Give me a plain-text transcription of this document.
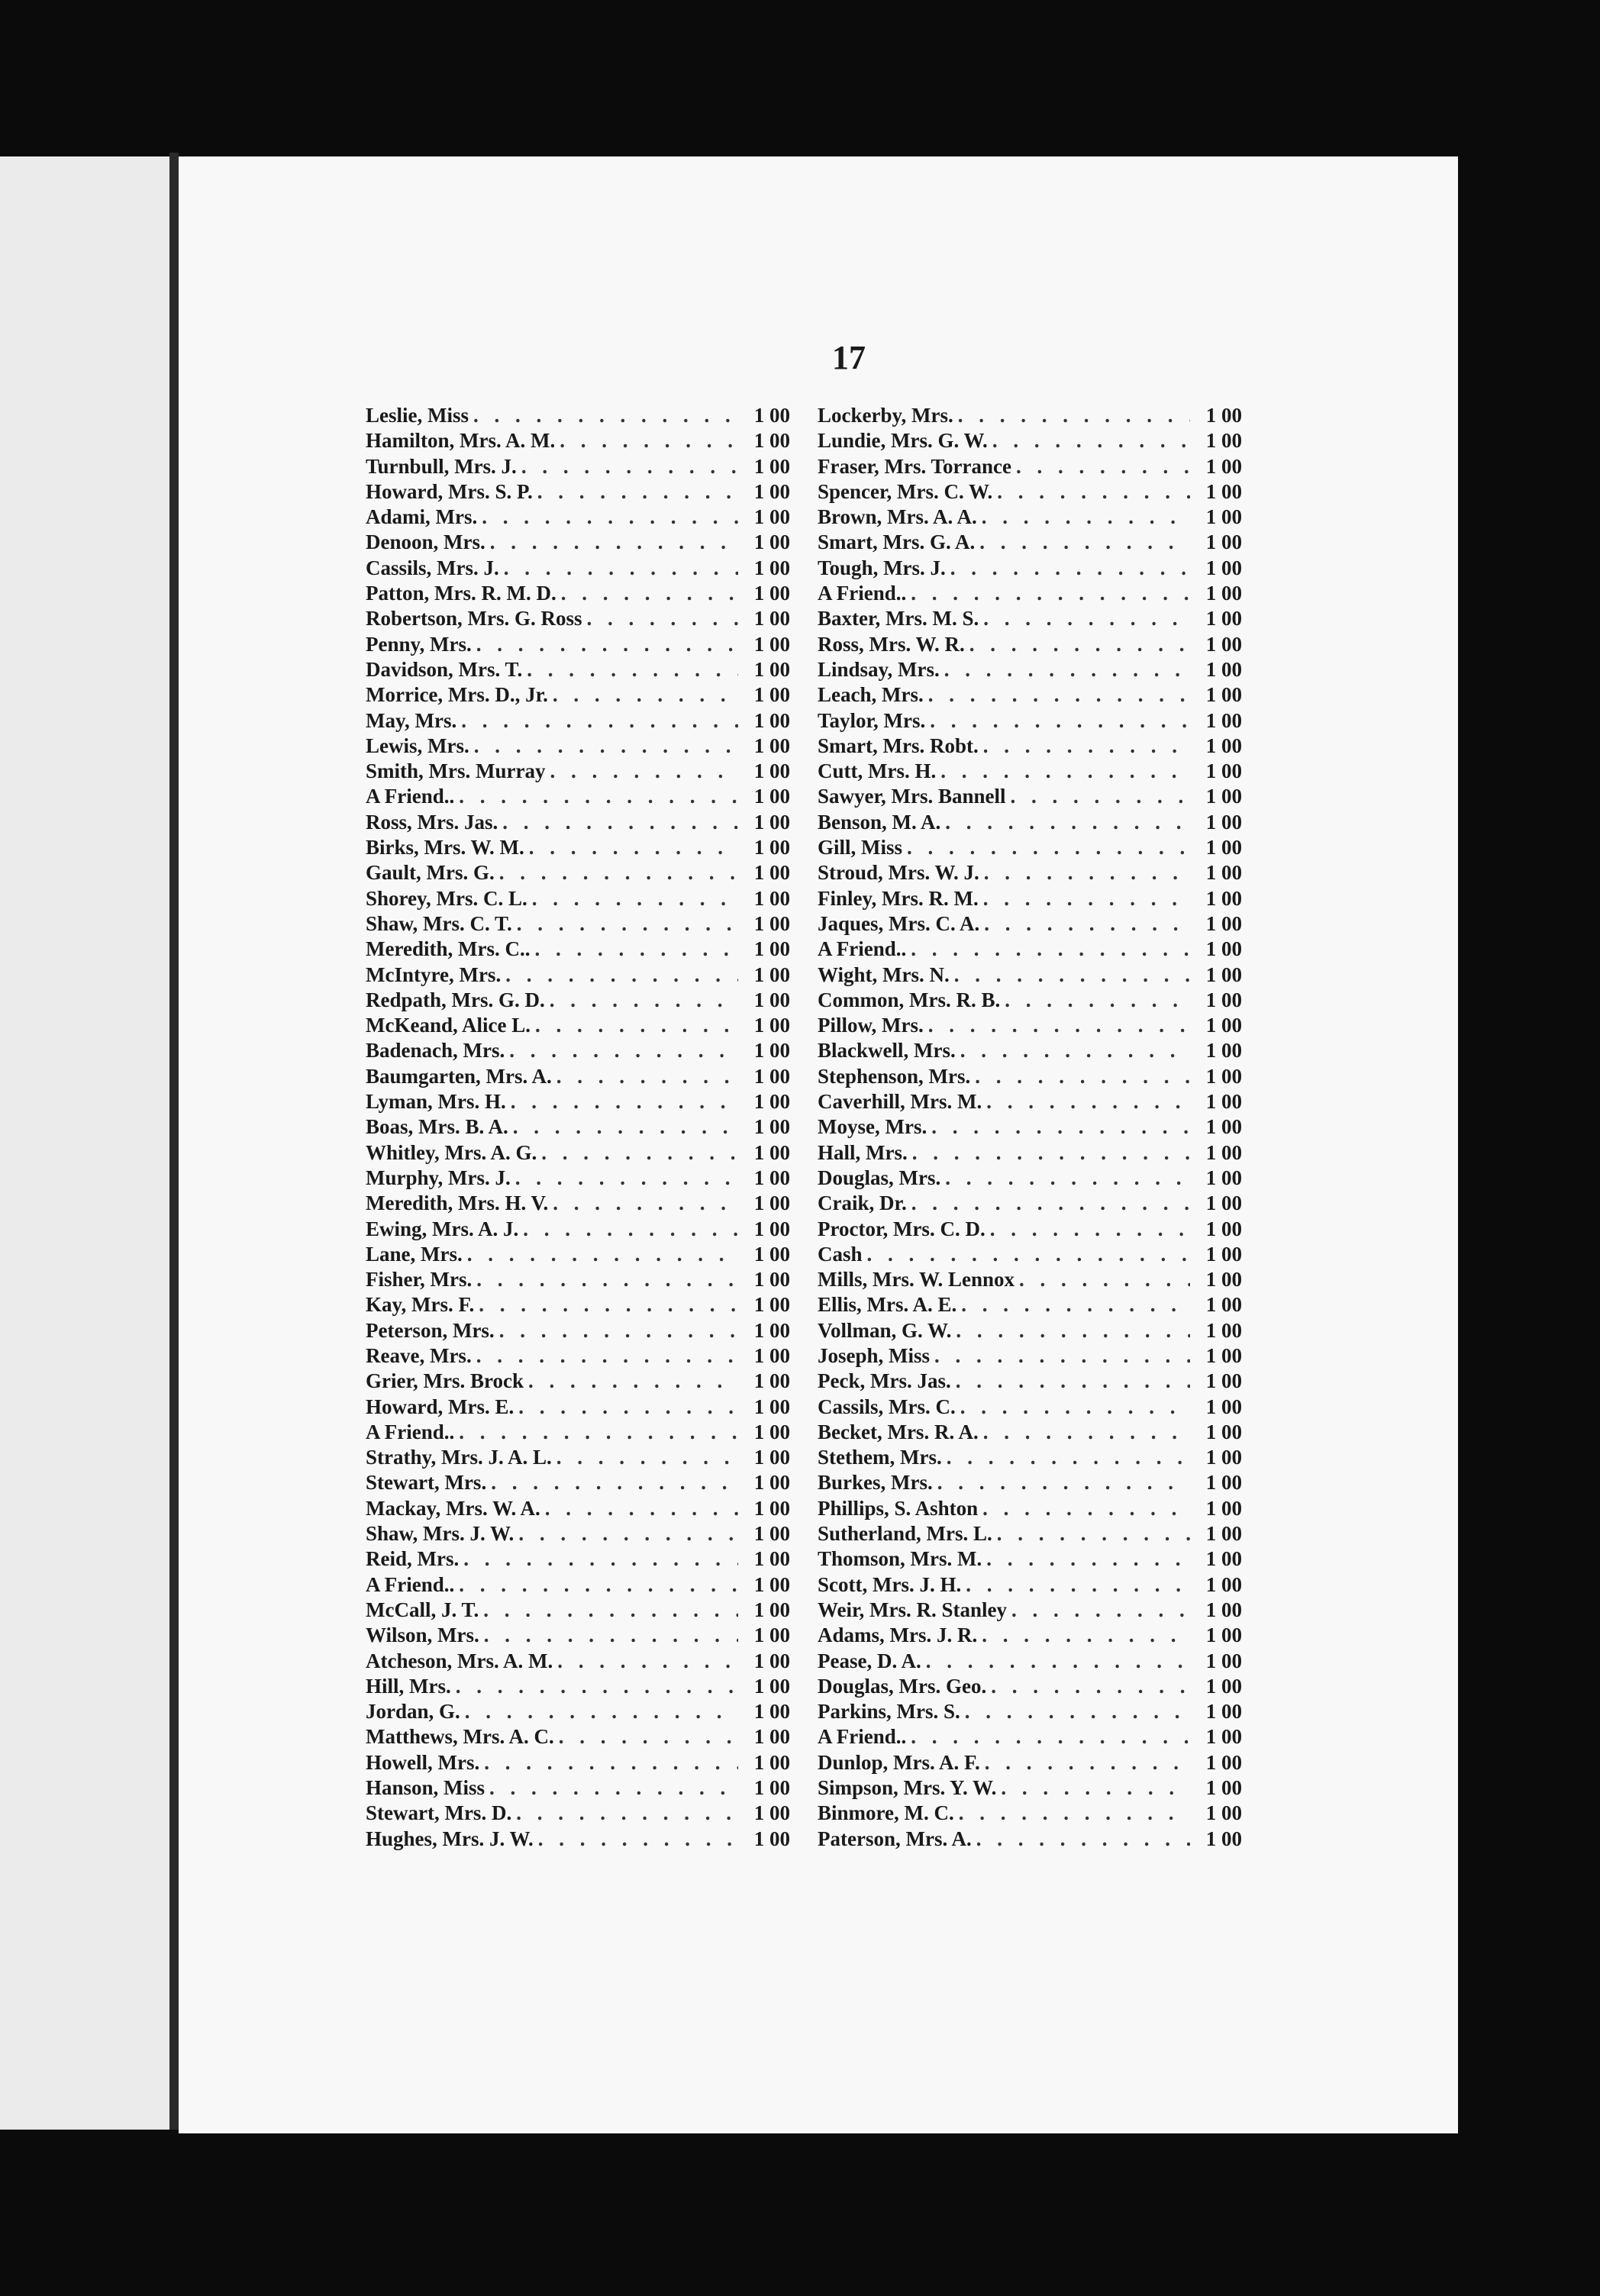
17
Leslie, Miss . . .	1 00
Hamilton, Mrs. A. M. . . .	1 00
Turnbull, Mrs. J. . . .	1 00
Howard, Mrs. S. P. . . .	1 00
Adami, Mrs. . . .	1 00
Denoon, Mrs. . . .	1 00
Cassils, Mrs. J. . . .	1 00
Patton, Mrs. R. M. D. . . .	1 00
Robertson, Mrs. G. Ross . . .	1 00
Penny, Mrs. . . .	1 00
Davidson, Mrs. T. . . .	1 00
Morrice, Mrs. D., Jr. . . .	1 00
May, Mrs. . . .	1 00
Lewis, Mrs. . . .	1 00
Smith, Mrs. Murray . . .	1 00
A Friend.. . . .	1 00
Ross, Mrs. Jas. . . .	1 00
Birks, Mrs. W. M. . . .	1 00
Gault, Mrs. G. . . .	1 00
Shorey, Mrs. C. L. . . .	1 00
Shaw, Mrs. C. T. . . .	1 00
Meredith, Mrs. C.. . . .	1 00
McIntyre, Mrs. . . .	1 00
Redpath, Mrs. G. D. . . .	1 00
McKeand, Alice L. . . .	1 00
Badenach, Mrs. . . .	1 00
Baumgarten, Mrs. A. . . .	1 00
Lyman, Mrs. H. . . .	1 00
Boas, Mrs. B. A. . . .	1 00
Whitley, Mrs. A. G. . . .	1 00
Murphy, Mrs. J. . . .	1 00
Meredith, Mrs. H. V. . . .	1 00
Ewing, Mrs. A. J. . . .	1 00
Lane, Mrs. . . .	1 00
Fisher, Mrs. . . .	1 00
Kay, Mrs. F. . . .	1 00
Peterson, Mrs. . . .	1 00
Reave, Mrs. . . .	1 00
Grier, Mrs. Brock . . .	1 00
Howard, Mrs. E. . . .	1 00
A Friend.. . . .	1 00
Strathy, Mrs. J. A. L. . . .	1 00
Stewart, Mrs. . . .	1 00
Mackay, Mrs. W. A. . . .	1 00
Shaw, Mrs. J. W. . . .	1 00
Reid, Mrs. . . .	1 00
A Friend.. . . .	1 00
McCall, J. T. . . .	1 00
Wilson, Mrs. . . .	1 00
Atcheson, Mrs. A. M. . . .	1 00
Hill, Mrs. . . .	1 00
Jordan, G. . . .	1 00
Matthews, Mrs. A. C. . . .	1 00
Howell, Mrs. . . .	1 00
Hanson, Miss . . .	1 00
Stewart, Mrs. D. . . .	1 00
Hughes, Mrs. J. W. . . .	1 00
Lockerby, Mrs. . . .	1 00
Lundie, Mrs. G. W. . . .	1 00
Fraser, Mrs. Torrance . . .	1 00
Spencer, Mrs. C. W. . . .	1 00
Brown, Mrs. A. A. . . .	1 00
Smart, Mrs. G. A. . . .	1 00
Tough, Mrs. J. . . .	1 00
A Friend.. . . .	1 00
Baxter, Mrs. M. S. . . .	1 00
Ross, Mrs. W. R. . . .	1 00
Lindsay, Mrs. . . .	1 00
Leach, Mrs. . . .	1 00
Taylor, Mrs. . . .	1 00
Smart, Mrs. Robt. . . .	1 00
Cutt, Mrs. H. . . .	1 00
Sawyer, Mrs. Bannell . . .	1 00
Benson, M. A. . . .	1 00
Gill, Miss . . .	1 00
Stroud, Mrs. W. J. . . .	1 00
Finley, Mrs. R. M. . . .	1 00
Jaques, Mrs. C. A. . . .	1 00
A Friend.. . . .	1 00
Wight, Mrs. N. . . .	1 00
Common, Mrs. R. B. . . .	1 00
Pillow, Mrs. . . .	1 00
Blackwell, Mrs. . . .	1 00
Stephenson, Mrs. . . .	1 00
Caverhill, Mrs. M. . . .	1 00
Moyse, Mrs. . . .	1 00
Hall, Mrs. . . .	1 00
Douglas, Mrs. . . .	1 00
Craik, Dr. . . .	1 00
Proctor, Mrs. C. D. . . .	1 00
Cash . . .	1 00
Mills, Mrs. W. Lennox . . .	1 00
Ellis, Mrs. A. E. . . .	1 00
Vollman, G. W. . . .	1 00
Joseph, Miss . . .	1 00
Peck, Mrs. Jas. . . .	1 00
Cassils, Mrs. C. . . .	1 00
Becket, Mrs. R. A. . . .	1 00
Stethem, Mrs. . . .	1 00
Burkes, Mrs. . . .	1 00
Phillips, S. Ashton . . .	1 00
Sutherland, Mrs. L. . . .	1 00
Thomson, Mrs. M. . . .	1 00
Scott, Mrs. J. H. . . .	1 00
Weir, Mrs. R. Stanley . . .	1 00
Adams, Mrs. J. R. . . .	1 00
Pease, D. A. . . .	1 00
Douglas, Mrs. Geo. . . .	1 00
Parkins, Mrs. S. . . .	1 00
A Friend.. . . .	1 00
Dunlop, Mrs. A. F. . . .	1 00
Simpson, Mrs. Y. W. . . .	1 00
Binmore, M. C. . . .	1 00
Paterson, Mrs. A. . . .	1 00
